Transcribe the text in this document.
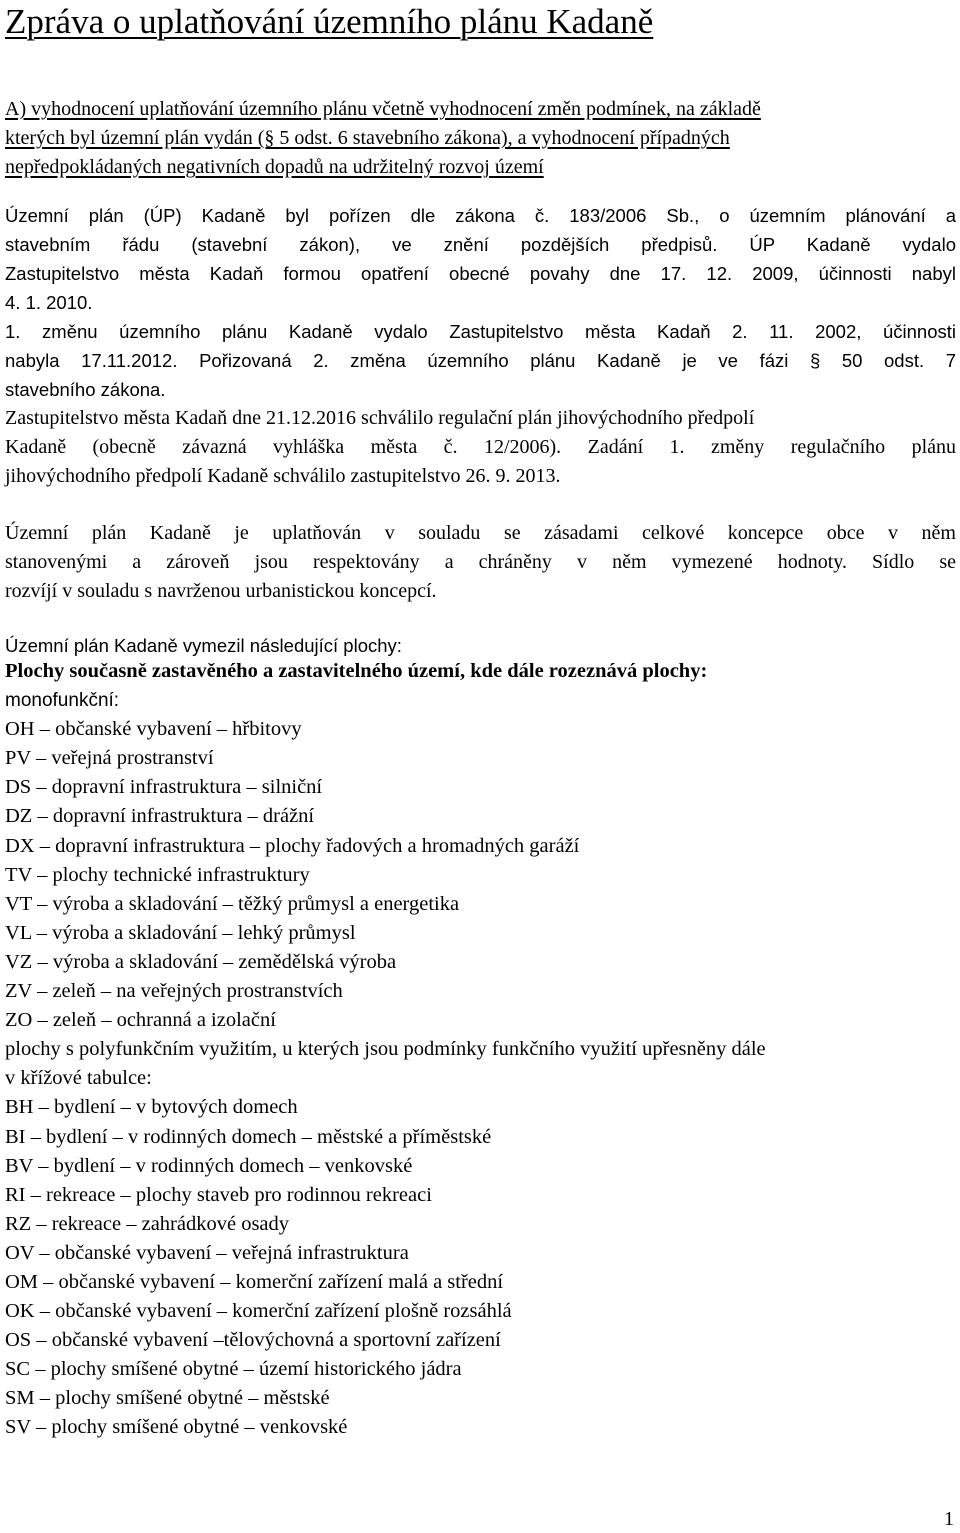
Zpráva o uplatňování územního plánu Kadaně
A) vyhodnocení uplatňování územního plánu včetně vyhodnocení změn podmínek, na základě
kterých byl územní plán vydán (§ 5 odst. 6 stavebního zákona), a vyhodnocení případných
nepředpokládaných negativních dopadů na udržitelný rozvoj území
Územní plán (ÚP) Kadaně byl pořízen dle zákona č. 183/2006 Sb., o územním plánování a
stavebním řádu (stavební zákon), ve znění pozdějších předpisů. ÚP Kadaně vydalo
Zastupitelstvo města Kadaň formou opatření obecné povahy dne 17. 12. 2009, účinnosti nabyl
4. 1. 2010.
1. změnu územního plánu Kadaně vydalo Zastupitelstvo města Kadaň 2. 11. 2002, účinnosti
nabyla 17.11.2012. Pořizovaná 2. změna územního plánu Kadaně je ve fázi § 50 odst. 7
stavebního zákona.
Zastupitelstvo města Kadaň dne 21.12.2016 schválilo regulační plán jihovýchodního předpolí
Kadaně (obecně závazná vyhláška města č. 12/2006). Zadání 1. změny regulačního plánu
jihovýchodního předpolí Kadaně schválilo zastupitelstvo 26. 9. 2013.
Územní plán Kadaně je uplatňován v souladu se zásadami celkové koncepce obce v něm
stanovenými a zároveň jsou respektovány a chráněny v něm vymezené hodnoty. Sídlo se
rozvíjí v souladu s navrženou urbanistickou koncepcí.
Územní plán Kadaně vymezil následující plochy:
Plochy současně zastavěného a zastavitelného území, kde dále rozeznává plochy:
monofunkční:
OH – občanské vybavení – hřbitovy
PV – veřejná prostranství
DS – dopravní infrastruktura – silniční
DZ – dopravní infrastruktura – drážní
DX – dopravní infrastruktura – plochy řadových a hromadných garáží
TV – plochy technické infrastruktury
VT – výroba a skladování – těžký průmysl a energetika
VL – výroba a skladování – lehký průmysl
VZ – výroba a skladování – zemědělská výroba
ZV – zeleň – na veřejných prostranstvích
ZO – zeleň – ochranná a izolační
plochy s polyfunkčním využitím, u kterých jsou podmínky funkčního využití upřesněny dále
v křížové tabulce:
BH – bydlení – v bytových domech
BI – bydlení – v rodinných domech – městské a příměstské
BV – bydlení – v rodinných domech – venkovské
RI – rekreace – plochy staveb pro rodinnou rekreaci
RZ – rekreace – zahrádkové osady
OV – občanské vybavení – veřejná infrastruktura
OM – občanské vybavení – komerční zařízení malá a střední
OK – občanské vybavení – komerční zařízení plošně rozsáhlá
OS – občanské vybavení –tělovýchovná a sportovní zařízení
SC – plochy smíšené obytné – území historického jádra
SM – plochy smíšené obytné – městské
SV – plochy smíšené obytné – venkovské
1
